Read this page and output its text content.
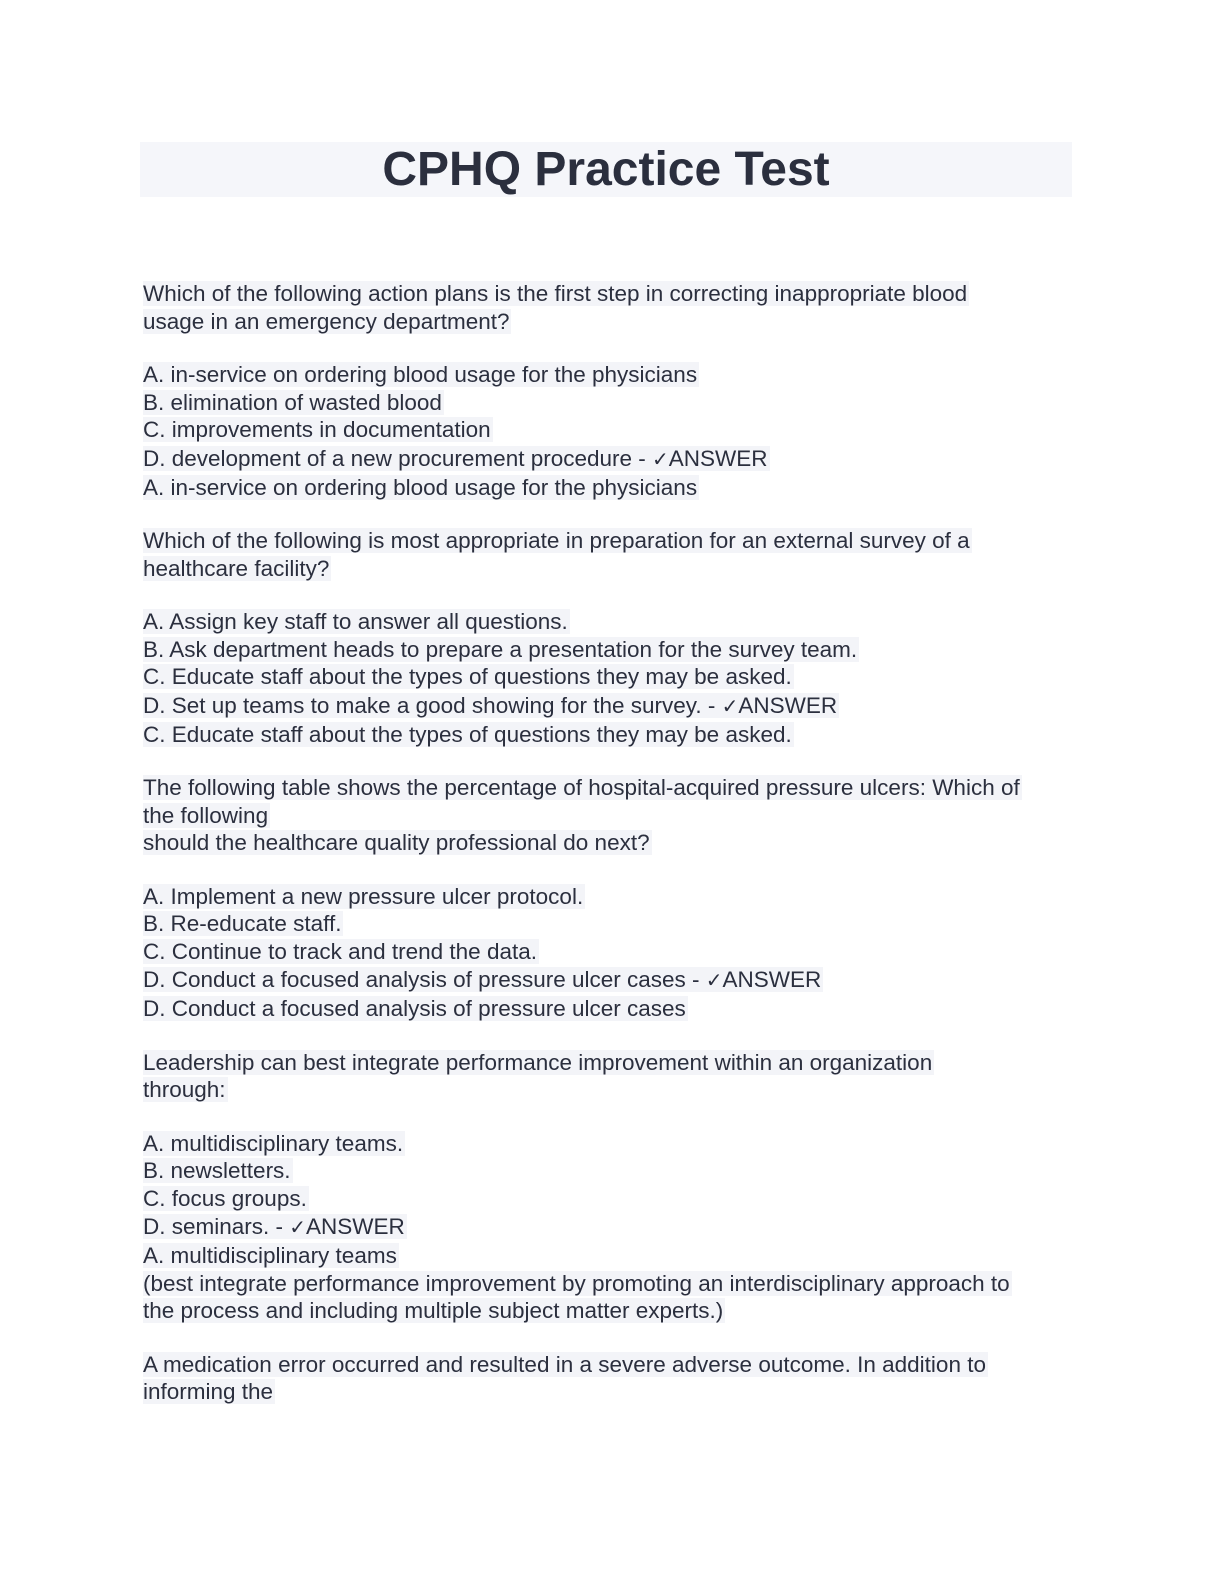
CPHQ Practice Test
Which of the following action plans is the first step in correcting inappropriate blood
usage in an emergency department?
A. in-service on ordering blood usage for the physicians
B. elimination of wasted blood
C. improvements in documentation
D. development of a new procurement procedure - ✓ANSWER
A. in-service on ordering blood usage for the physicians
Which of the following is most appropriate in preparation for an external survey of a
healthcare facility?
A. Assign key staff to answer all questions.
B. Ask department heads to prepare a presentation for the survey team.
C. Educate staff about the types of questions they may be asked.
D. Set up teams to make a good showing for the survey. - ✓ANSWER
C. Educate staff about the types of questions they may be asked.
The following table shows the percentage of hospital-acquired pressure ulcers: Which of
the following
should the healthcare quality professional do next?
A. Implement a new pressure ulcer protocol.
B. Re-educate staff.
C. Continue to track and trend the data.
D. Conduct a focused analysis of pressure ulcer cases - ✓ANSWER
D. Conduct a focused analysis of pressure ulcer cases
Leadership can best integrate performance improvement within an organization
through:
A. multidisciplinary teams.
B. newsletters.
C. focus groups.
D. seminars. - ✓ANSWER
A. multidisciplinary teams
(best integrate performance improvement by promoting an interdisciplinary approach to
the process and including multiple subject matter experts.)
A medication error occurred and resulted in a severe adverse outcome. In addition to
informing the
